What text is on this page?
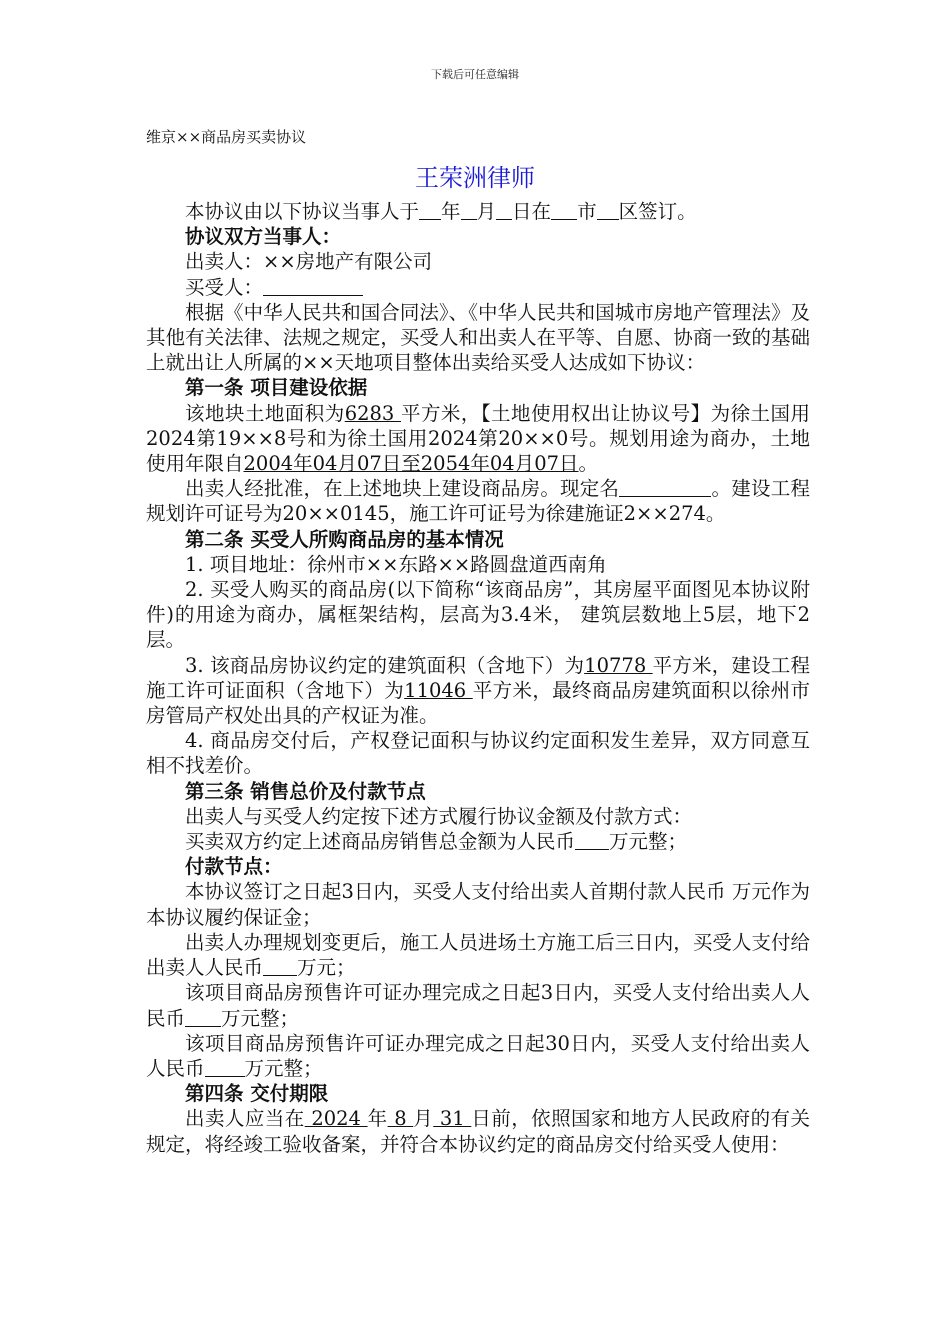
下载后可任意编辑
维京××商品房买卖协议
王荣洲律师

本协议由以下协议当事人于 年 月 日在 市 区签订。

协议双方当事人：

出卖人：××房地产有限公司

买受人：

根据《中华人民共和国合同法》、《中华人民共和国城市房地产管理法》及其他有关法律、法规之规定，买受人和出卖人在平等、自愿、协商一致的基础上就出让人所属的××天地项目整体出卖给买受人达成如下协议：

第一条 项目建设依据

该地块土地面积为6283 平方米，【土地使用权出让协议号】为徐土国用2024第19××8号和为徐土国用2024第20××0号。规划用途为商办，土地使用年限自2004年04月07日至2054年04月07日。

出卖人经批准，在上述地块上建设商品房。现定名	。建设工程规划许可证号为20××0145，施工许可证号为徐建施证2××274。

第二条 买受人所购商品房的基本情况

1. 项目地址：徐州市××东路××路圆盘道西南角

2. 买受人购买的商品房(以下简称“该商品房”，其房屋平面图见本协议附件)的用途为商办，属框架结构，层高为3.4米， 建筑层数地上5层，地下2层。

3. 该商品房协议约定的建筑面积（含地下）为10778 平方米，建设工程施工许可证面积（含地下）为11046 平方米，最终商品房建筑面积以徐州市房管局产权处出具的产权证为准。

4. 商品房交付后，产权登记面积与协议约定面积发生差异，双方同意互相不找差价。

第三条 销售总价及付款节点

出卖人与买受人约定按下述方式履行协议金额及付款方式：

买卖双方约定上述商品房销售总金额为人民币 万元整；

付款节点：

本协议签订之日起3日内，买受人支付给出卖人首期付款人民币 万元作为本协议履约保证金；

出卖人办理规划变更后，施工人员进场土方施工后三日内，买受人支付给出卖人人民币 万元；

该项目商品房预售许可证办理完成之日起3日内，买受人支付给出卖人人民币 万元整；

该项目商品房预售许可证办理完成之日起30日内，买受人支付给出卖人人民币 万元整；

第四条 交付期限

出卖人应当在 2024 年 8 月 31 日前，依照国家和地方人民政府的有关规定，将经竣工验收备案，并符合本协议约定的商品房交付给买受人使用：
